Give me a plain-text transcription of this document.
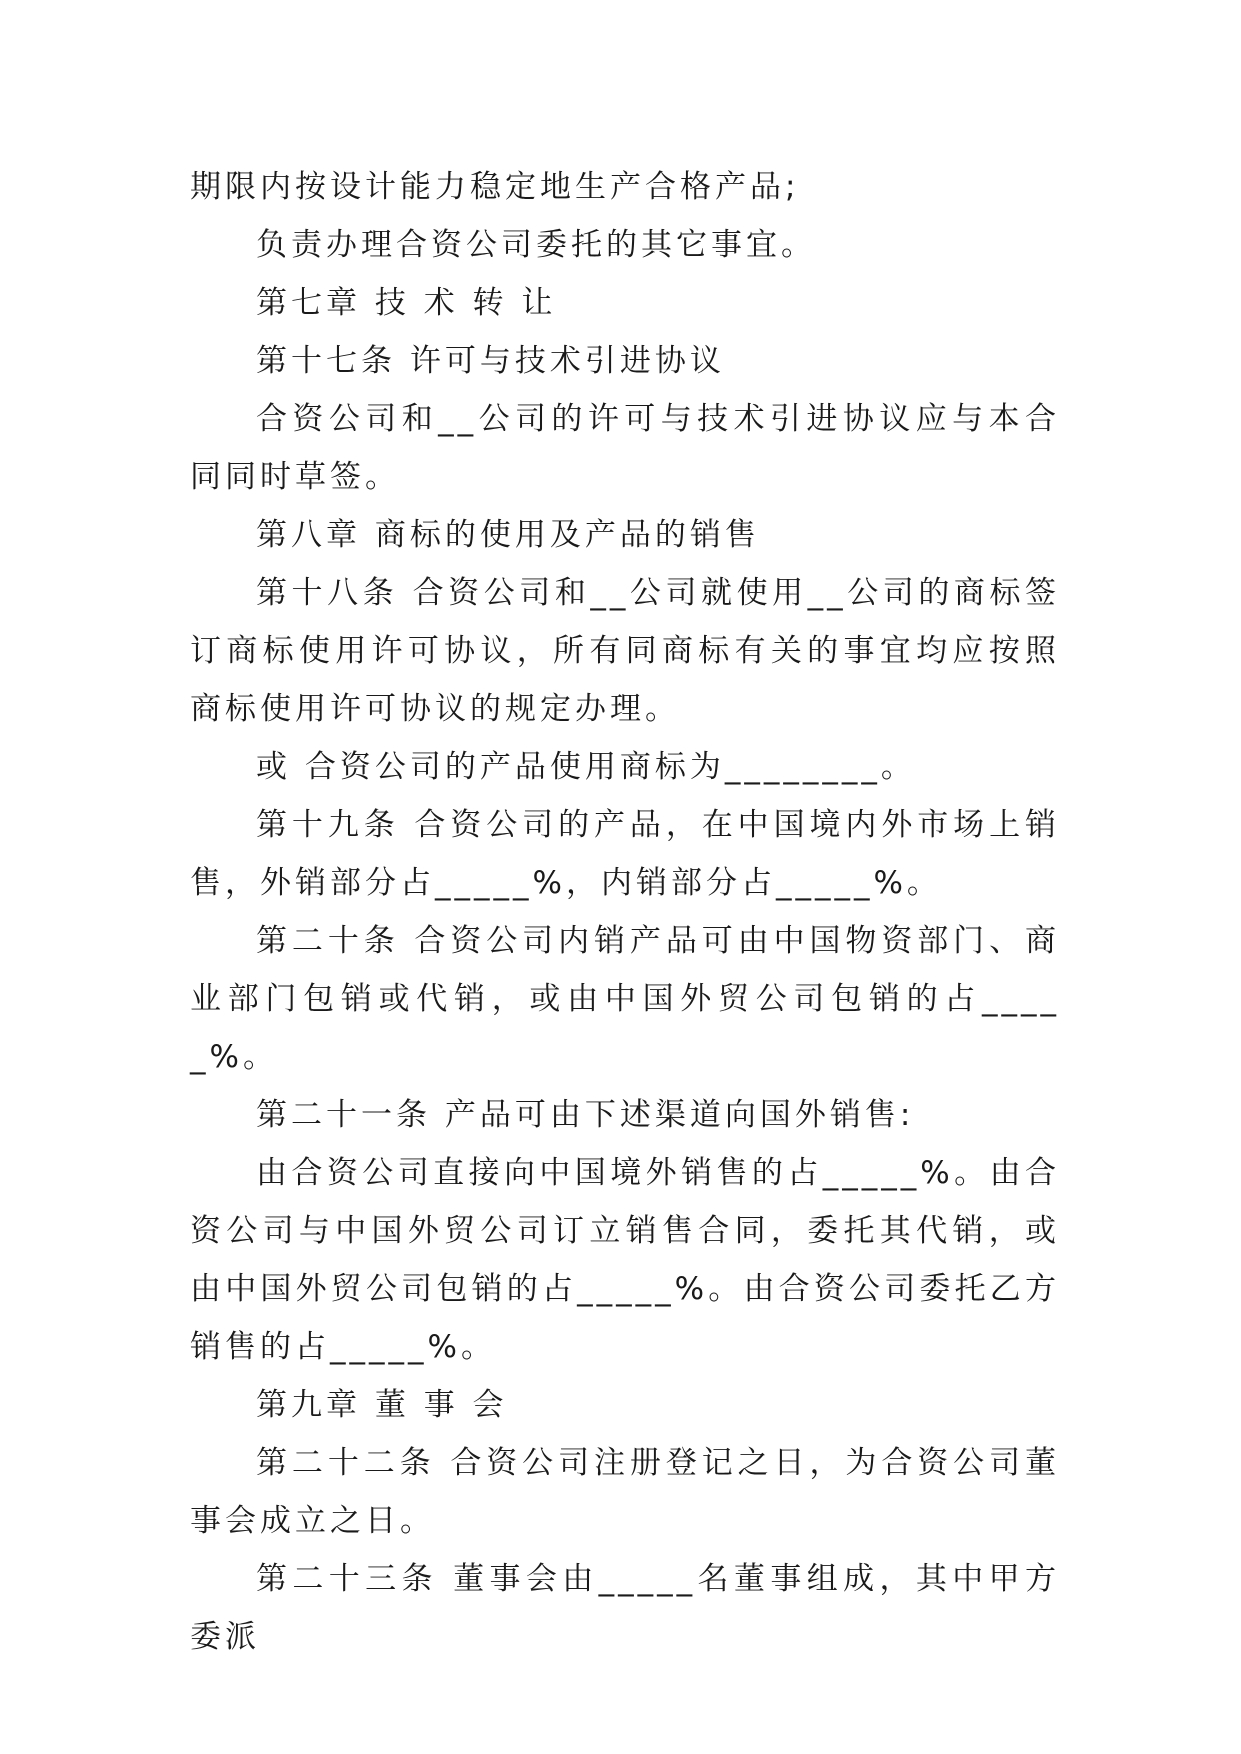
期限内按设计能力稳定地生产合格产品;

负责办理合资公司委托的其它事宜。

第七章 技 术 转 让

第十七条 许可与技术引进协议

合资公司和__公司的许可与技术引进协议应与本合同同时草签。

第八章 商标的使用及产品的销售

第十八条 合资公司和__公司就使用__公司的商标签订商标使用许可协议，所有同商标有关的事宜均应按照商标使用许可协议的规定办理。

或 合资公司的产品使用商标为________。

第十九条 合资公司的产品，在中国境内外市场上销售，外销部分占_____%，内销部分占_____%。

第二十条 合资公司内销产品可由中国物资部门、商业部门包销或代销，或由中国外贸公司包销的占_____%。

第二十一条 产品可由下述渠道向国外销售:

由合资公司直接向中国境外销售的占_____%。由合资公司与中国外贸公司订立销售合同，委托其代销，或由中国外贸公司包销的占_____%。由合资公司委托乙方销售的占_____%。

第九章 董 事 会

第二十二条 合资公司注册登记之日，为合资公司董事会成立之日。

第二十三条 董事会由_____名董事组成，其中甲方委派
